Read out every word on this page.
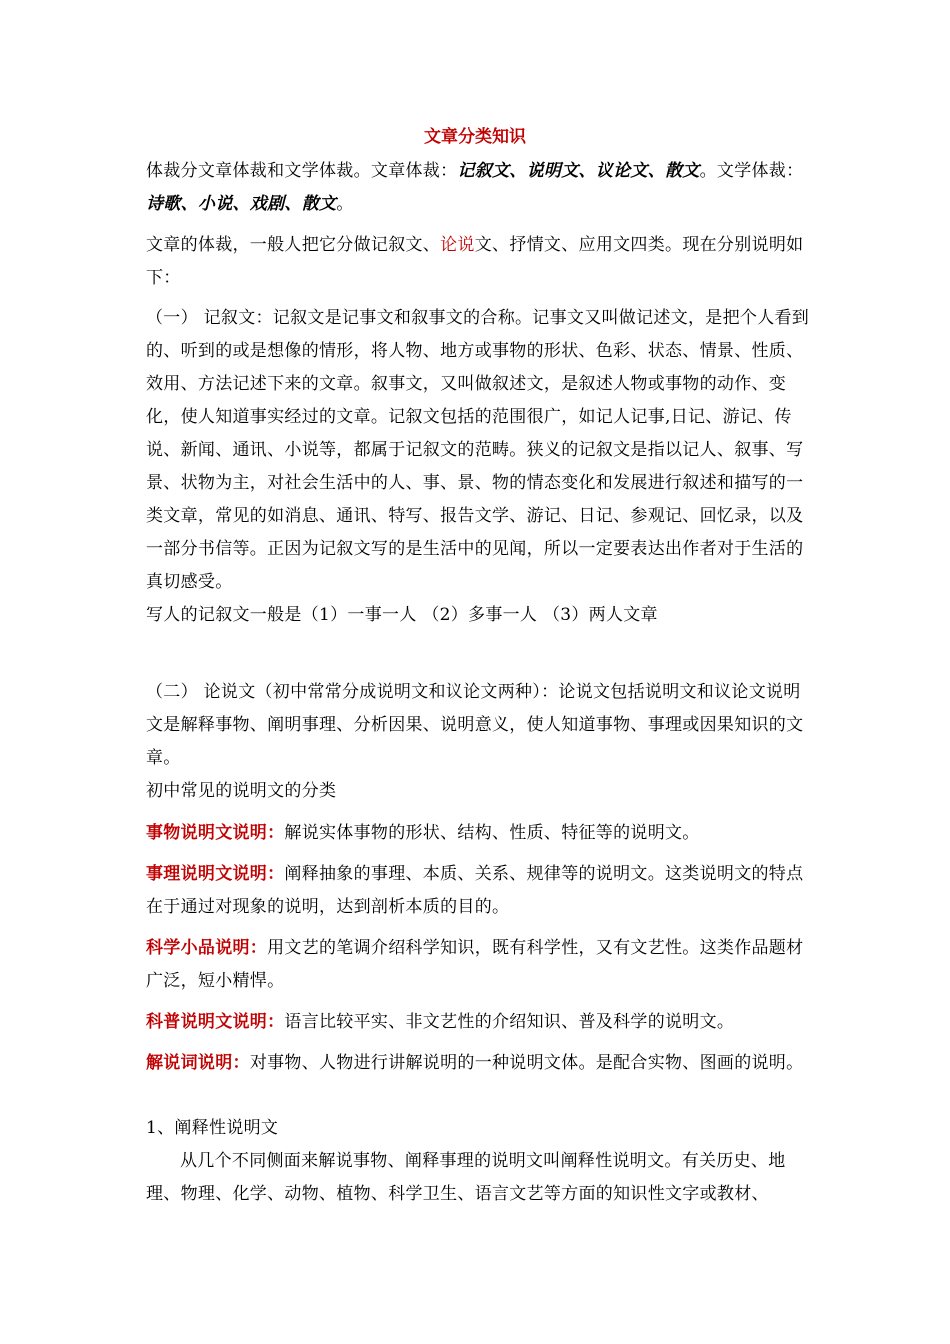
文章分类知识

体裁分文章体裁和文学体裁。文章体裁：记叙文、说明文、议论文、散文。文学体裁：诗歌、小说、戏剧、散文。

文章的体裁，一般人把它分做记叙文、论说文、抒情文、应用文四类。现在分别说明如下：

（一） 记叙文：记叙文是记事文和叙事文的合称。记事文又叫做记述文，是把个人看到的、听到的或是想像的情形，将人物、地方或事物的形状、色彩、状态、情景、性质、效用、方法记述下来的文章。叙事文，又叫做叙述文，是叙述人物或事物的动作、变化，使人知道事实经过的文章。记叙文包括的范围很广，如记人记事,日记、游记、传说、新闻、通讯、小说等，都属于记叙文的范畴。狭义的记叙文是指以记人、叙事、写景、状物为主，对社会生活中的人、事、景、物的情态变化和发展进行叙述和描写的一类文章，常见的如消息、通讯、特写、报告文学、游记、日记、参观记、回忆录，以及一部分书信等。正因为记叙文写的是生活中的见闻，所以一定要表达出作者对于生活的真切感受。

写人的记叙文一般是（1）一事一人 （2）多事一人 （3）两人文章

（二） 论说文（初中常常分成说明文和议论文两种）：论说文包括说明文和议论文说明文是解释事物、阐明事理、分析因果、说明意义，使人知道事物、事理或因果知识的文章。

初中常见的说明文的分类

事物说明文说明：解说实体事物的形状、结构、性质、特征等的说明文。

事理说明文说明：阐释抽象的事理、本质、关系、规律等的说明文。这类说明文的特点在于通过对现象的说明，达到剖析本质的目的。

科学小品说明：用文艺的笔调介绍科学知识，既有科学性，又有文艺性。这类作品题材广泛，短小精悍。

科普说明文说明：语言比较平实、非文艺性的介绍知识、普及科学的说明文。

解说词说明：对事物、人物进行讲解说明的一种说明文体。是配合实物、图画的说明。

1、阐释性说明文

从几个不同侧面来解说事物、阐释事理的说明文叫阐释性说明文。有关历史、地理、物理、化学、动物、植物、科学卫生、语言文艺等方面的知识性文字或教材、
